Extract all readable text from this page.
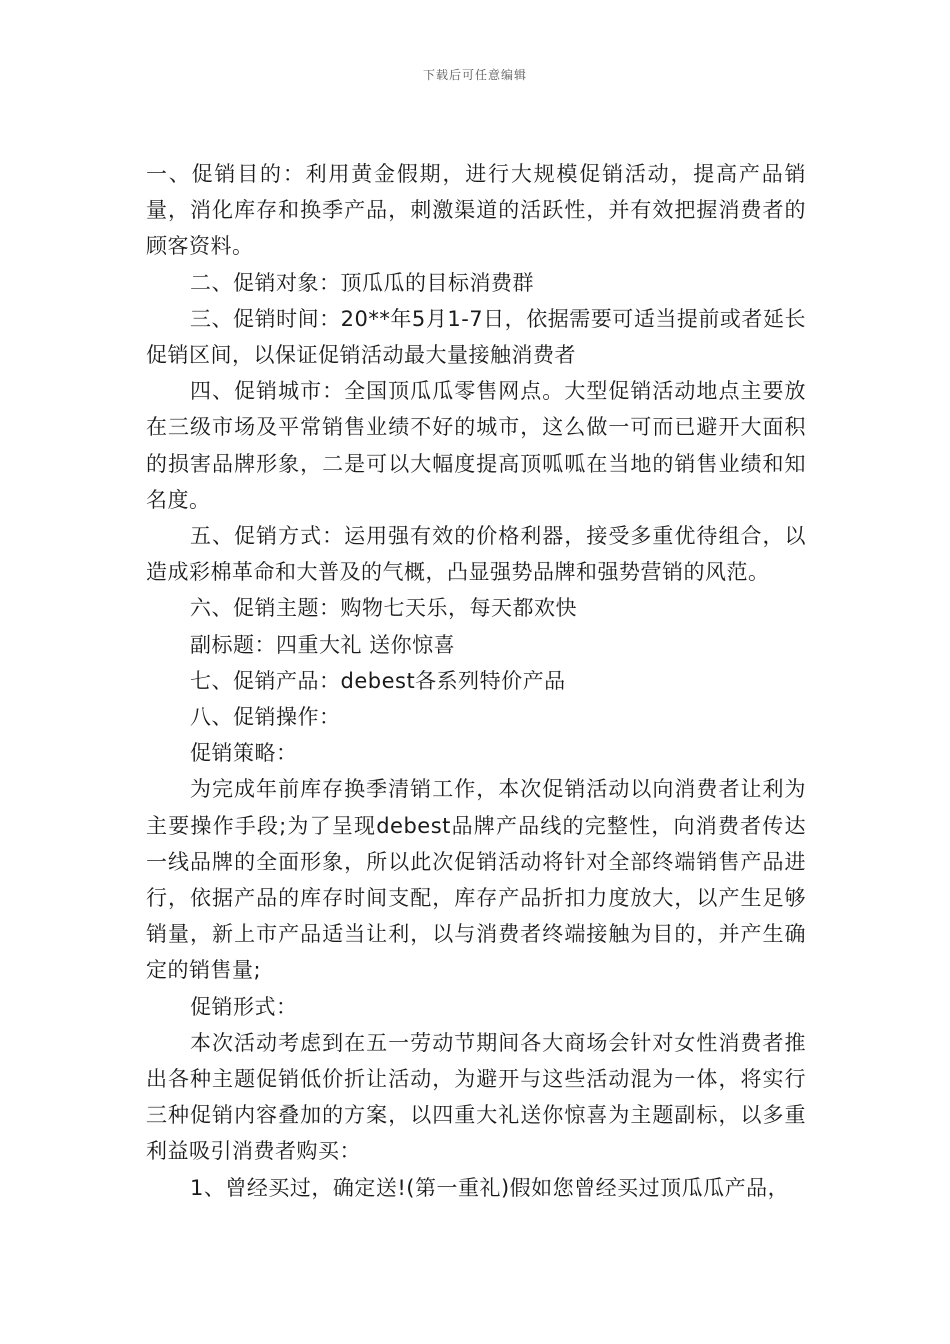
下载后可任意编辑

一、促销目的：利用黄金假期，进行大规模促销活动，提高产品销量，消化库存和换季产品，刺激渠道的活跃性，并有效把握消费者的顾客资料。

二、促销对象：顶瓜瓜的目标消费群

三、促销时间：20**年5月1-7日，依据需要可适当提前或者延长促销区间，以保证促销活动最大量接触消费者

四、促销城市：全国顶瓜瓜零售网点。大型促销活动地点主要放在三级市场及平常销售业绩不好的城市，这么做一可而已避开大面积的损害品牌形象，二是可以大幅度提高顶呱呱在当地的销售业绩和知名度。

五、促销方式：运用强有效的价格利器，接受多重优待组合，以造成彩棉革命和大普及的气概，凸显强势品牌和强势营销的风范。

六、促销主题：购物七天乐，每天都欢快

副标题：四重大礼 送你惊喜

七、促销产品：debest各系列特价产品

八、促销操作：

促销策略：

为完成年前库存换季清销工作，本次促销活动以向消费者让利为主要操作手段;为了呈现debest品牌产品线的完整性，向消费者传达一线品牌的全面形象，所以此次促销活动将针对全部终端销售产品进行，依据产品的库存时间支配，库存产品折扣力度放大，以产生足够销量，新上市产品适当让利，以与消费者终端接触为目的，并产生确定的销售量;

促销形式：

本次活动考虑到在五一劳动节期间各大商场会针对女性消费者推出各种主题促销低价折让活动，为避开与这些活动混为一体，将实行三种促销内容叠加的方案，以四重大礼送你惊喜为主题副标，以多重利益吸引消费者购买：

1、曾经买过，确定送!(第一重礼)假如您曾经买过顶瓜瓜产品，
